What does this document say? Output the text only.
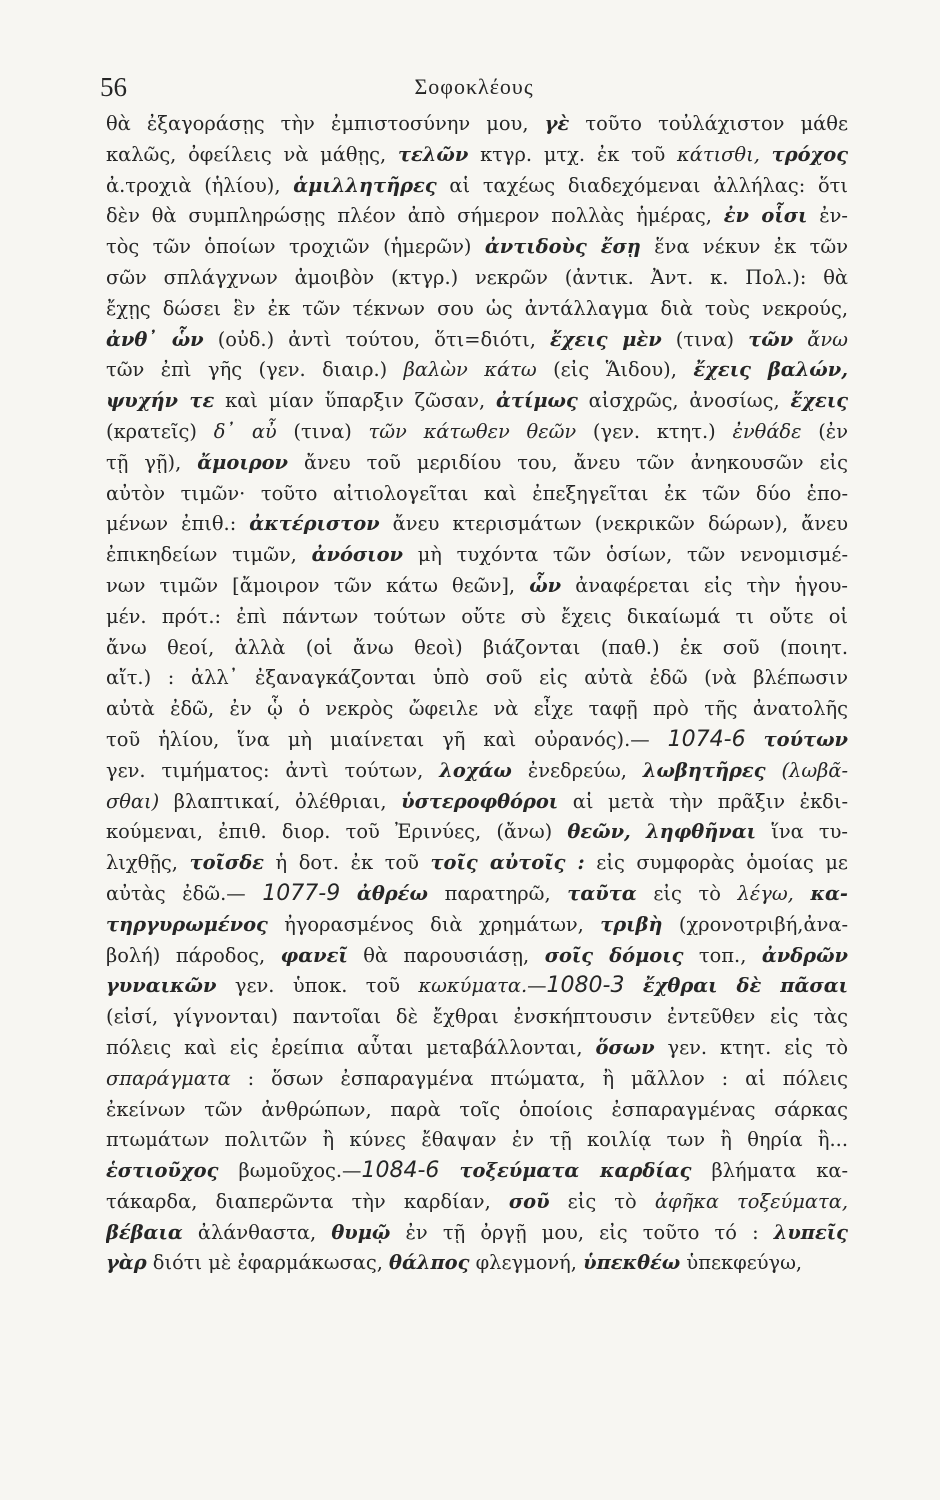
56	Σοφοκλέους
θὰ ἐξαγοράσῃς τὴν ἐμπιστοσύνην μου, γὲ τοῦτο τοὐλάχιστον μάθε
καλῶς, ὀφείλεις νὰ μάθῃς, τελῶν κτγρ. μτχ. ἐκ τοῦ κάτισθι, τρόχος
ἀ.τροχιὰ (ἡλίου), ἁμιλλητῆρες αἱ ταχέως διαδεχόμεναι ἀλλήλας: ὅτι
δὲν θὰ συμπληρώσῃς πλέον ἀπὸ σήμερον πολλὰς ἡμέρας, ἐν οἷσι ἐν-
τὸς τῶν ὁποίων τροχιῶν (ἡμερῶν) ἀντιδοὺς ἔσῃ ἕνα νέκυν ἐκ τῶν
σῶν σπλάγχνων ἀμοιβὸν (κτγρ.) νεκρῶν (ἀντικ. Ἀντ. κ. Πολ.): θὰ
ἔχῃς δώσει ἓν ἐκ τῶν τέκνων σου ὡς ἀντάλλαγμα διὰ τοὺς νεκρούς,
ἀνθ᾽ ὧν (οὐδ.) ἀντὶ τούτου, ὅτι=διότι, ἔχεις μὲν (τινα) τῶν ἄνω
τῶν ἐπὶ γῆς (γεν. διαιρ.) βαλὼν κάτω (εἰς Ἅιδου), ἔχεις βαλών,
ψυχήν τε καὶ μίαν ὕπαρξιν ζῶσαν, ἀτίμως αἰσχρῶς, ἀνοσίως, ἔχεις
(κρατεῖς) δ᾽ αὖ (τινα) τῶν κάτωθεν θεῶν (γεν. κτητ.) ἐνθάδε (ἐν
τῇ γῇ), ἄμοιρον ἄνευ τοῦ μεριδίου του, ἄνευ τῶν ἀνηκουσῶν εἰς
αὐτὸν τιμῶν· τοῦτο αἰτιολογεῖται καὶ ἐπεξηγεῖται ἐκ τῶν δύο ἑπο-
μένων ἐπιθ.: ἀκτέριστον ἄνευ κτερισμάτων (νεκρικῶν δώρων), ἄνευ
ἐπικηδείων τιμῶν, ἀνόσιον μὴ τυχόντα τῶν ὁσίων, τῶν νενομισμέ-
νων τιμῶν [ἄμοιρον τῶν κάτω θεῶν], ὧν ἀναφέρεται εἰς τὴν ἡγου-
μέν. πρότ.: ἐπὶ πάντων τούτων οὔτε σὺ ἔχεις δικαίωμά τι οὔτε οἱ
ἄνω θεοί, ἀλλὰ (οἱ ἄνω θεοὶ) βιάζονται (παθ.) ἐκ σοῦ (ποιητ.
αἴτ.) : ἀλλ᾽ ἐξαναγκάζονται ὑπὸ σοῦ εἰς αὐτὰ ἐδῶ (νὰ βλέπωσιν
αὐτὰ ἐδῶ, ἐν ᾧ ὁ νεκρὸς ὤφειλε νὰ εἶχε ταφῇ πρὸ τῆς ἀνατολῆς
τοῦ ἡλίου, ἵνα μὴ μιαίνεται γῆ καὶ οὐρανός).— 1074-6 τούτων
γεν. τιμήματος: ἀντὶ τούτων, λοχάω ἐνεδρεύω, λωβητῆρες (λωβᾶ-
σθαι) βλαπτικαί, ὀλέθριαι, ὑστεροφθόροι αἱ μετὰ τὴν πρᾶξιν ἐκδι-
κούμεναι, ἐπιθ. διορ. τοῦ Ἐρινύες, (ἄνω) θεῶν, ληφθῆναι ἵνα τυ-
λιχθῇς, τοῖσδε ἡ δοτ. ἐκ τοῦ τοῖς αὐτοῖς : εἰς συμφορὰς ὁμοίας με
αὐτὰς ἐδῶ.— 1077-9 ἀθρέω παρατηρῶ, ταῦτα εἰς τὸ λέγω, κα-
τηργυρωμένος ἠγορασμένος διὰ χρημάτων, τριβὴ (χρονοτριβή,ἀνα-
βολή) πάροδος, φανεῖ θὰ παρουσιάσῃ, σοῖς δόμοις τοπ., ἀνδρῶν
γυναικῶν γεν. ὑποκ. τοῦ κωκύματα.—1080-3 ἔχθραι δὲ πᾶσαι
(εἰσί, γίγνονται) παντοῖαι δὲ ἔχθραι ἐνσκήπτουσιν ἐντεῦθεν εἰς τὰς
πόλεις καὶ εἰς ἐρείπια αὗται μεταβάλλονται, ὅσων γεν. κτητ. εἰς τὸ
σπαράγματα : ὅσων ἐσπαραγμένα πτώματα, ἢ μᾶλλον : αἱ πόλεις
ἐκείνων τῶν ἀνθρώπων, παρὰ τοῖς ὁποίοις ἐσπαραγμένας σάρκας
πτωμάτων πολιτῶν ἢ κύνες ἔθαψαν ἐν τῇ κοιλίᾳ των ἢ θηρία ἢ...
ἑστιοῦχος βωμοῦχος.—1084-6 τοξεύματα καρδίας βλήματα κα-
τάκαρδα, διαπερῶντα τὴν καρδίαν, σοῦ εἰς τὸ ἀφῆκα τοξεύματα,
βέβαια ἀλάνθαστα, θυμῷ ἐν τῇ ὀργῇ μου, εἰς τοῦτο τό : λυπεῖς
γὰρ διότι μὲ ἐφαρμάκωσας, θάλπος φλεγμονή, ὑπεκθέω ὑπεκφεύγω,
